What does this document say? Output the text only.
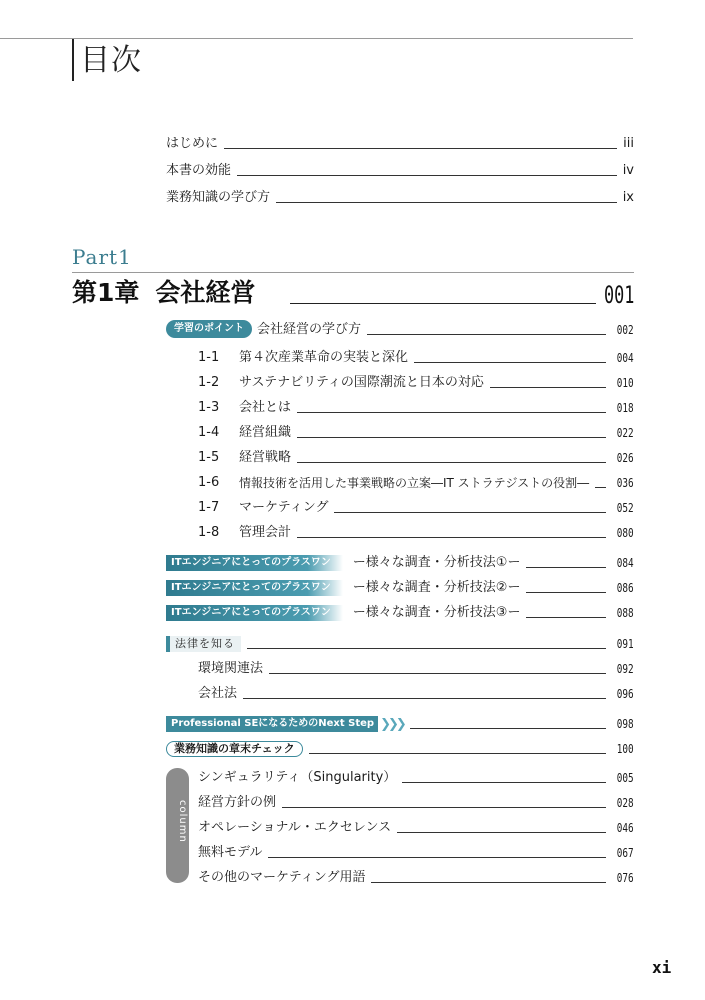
目次
はじめに	iii
本書の効能	iv
業務知識の学び方	ix
Part1
第1章 会社経営	001
学習のポイント	会社経営の学び方	002
1-1	第４次産業革命の実装と深化	004
1-2	サステナビリティの国際潮流と日本の対応	010
1-3	会社とは	018
1-4	経営組織	022
1-5	経営戦略	026
1-6	情報技術を活用した事業戦略の立案―IT ストラテジストの役割― 036
1-7	マーケティング	052
1-8	管理会計	080
ITエンジニアにとってのプラスワン	ー様々な調査・分析技法①ー	084
ITエンジニアにとってのプラスワン	ー様々な調査・分析技法②ー	086
ITエンジニアにとってのプラスワン	ー様々な調査・分析技法③ー	088
法律を知る	091
環境関連法	092
会社法	096
Professional SEになるためのNext Step ❯❯❯	098
業務知識の章末チェック	100
column
シンギュラリティ（Singularity）	005
経営方針の例	028
オペレーショナル・エクセレンス	046
無料モデル	067
その他のマーケティング用語	076
xi
